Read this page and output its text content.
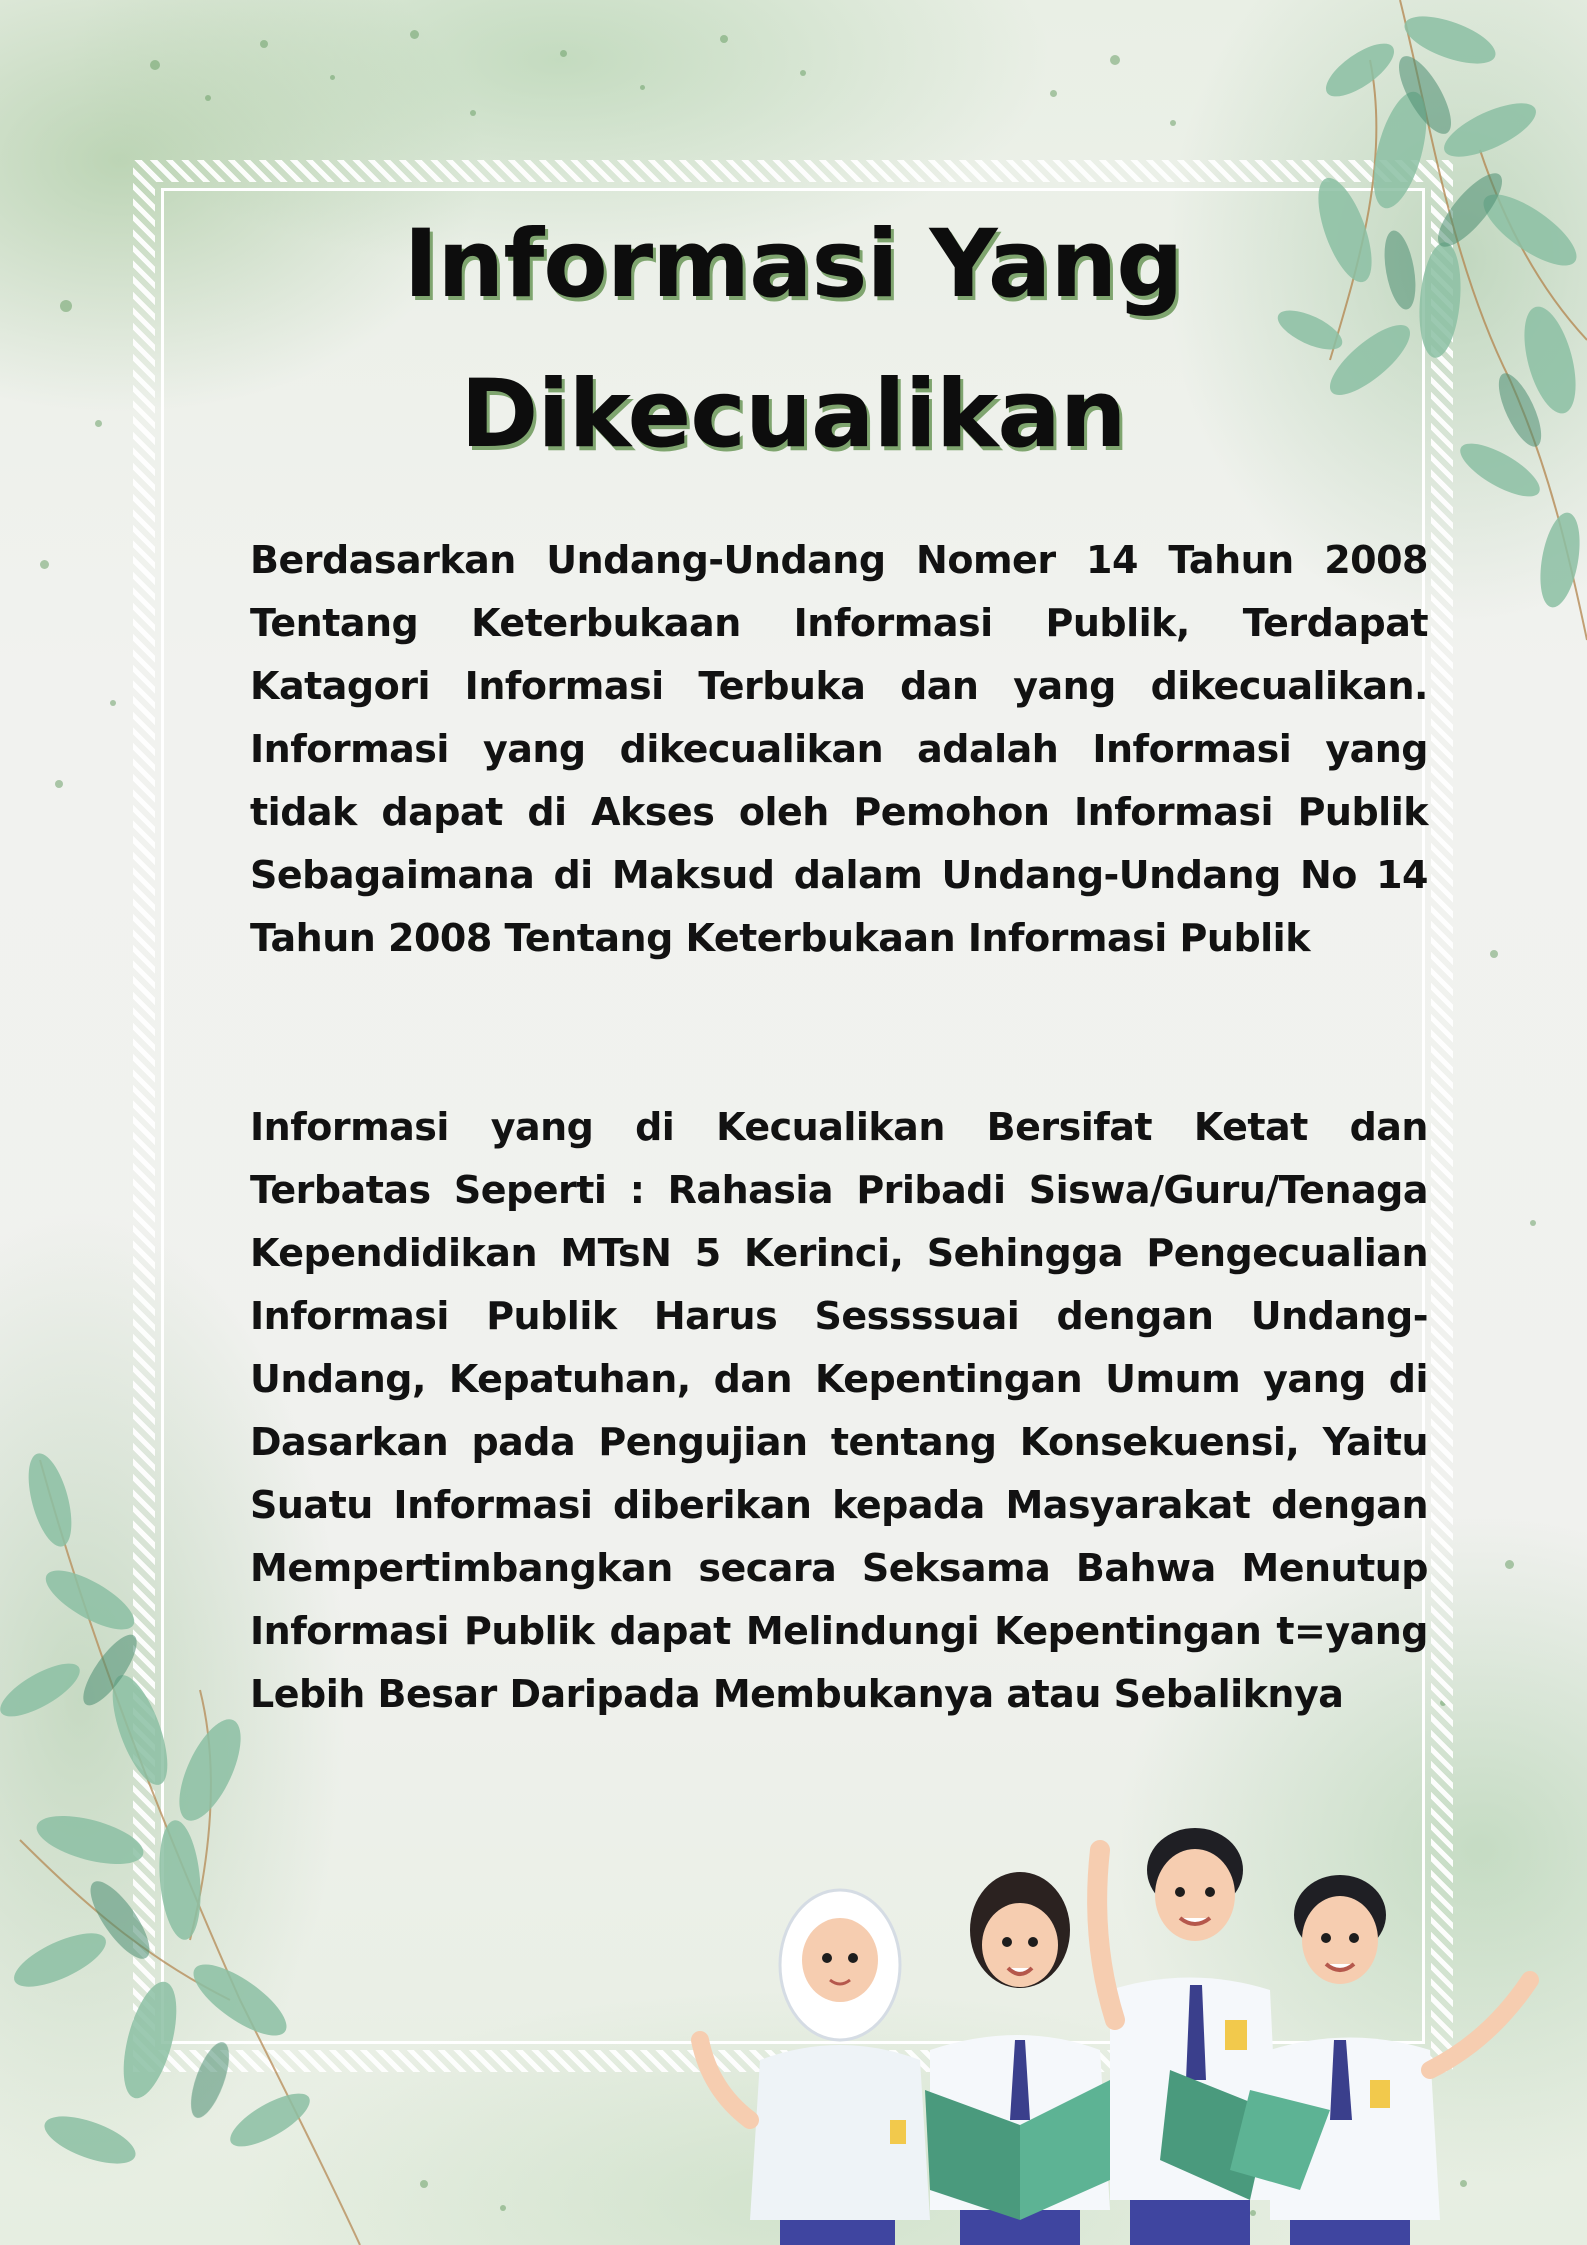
Informasi Yang Dikecualikan

Berdasarkan Undang-Undang Nomer 14 Tahun 2008 Tentang Keterbukaan Informasi Publik, Terdapat Katagori Informasi Terbuka dan yang dikecualikan. Informasi yang dikecualikan adalah Informasi yang tidak dapat di Akses oleh Pemohon Informasi Publik Sebagaimana di Maksud dalam Undang-Undang No 14 Tahun 2008 Tentang Keterbukaan Informasi Publik

Informasi yang di Kecualikan Bersifat Ketat dan Terbatas Seperti : Rahasia Pribadi Siswa/Guru/Tenaga Kependidikan MTsN 5 Kerinci, Sehingga Pengecualian Informasi Publik Harus Sessssuai dengan Undang-Undang, Kepatuhan, dan Kepentingan Umum yang di Dasarkan pada Pengujian tentang Konsekuensi, Yaitu Suatu Informasi diberikan kepada Masyarakat dengan Mempertimbangkan secara Seksama Bahwa Menutup Informasi Publik dapat Melindungi Kepentingan t=yang Lebih Besar Daripada Membukanya atau Sebaliknya
